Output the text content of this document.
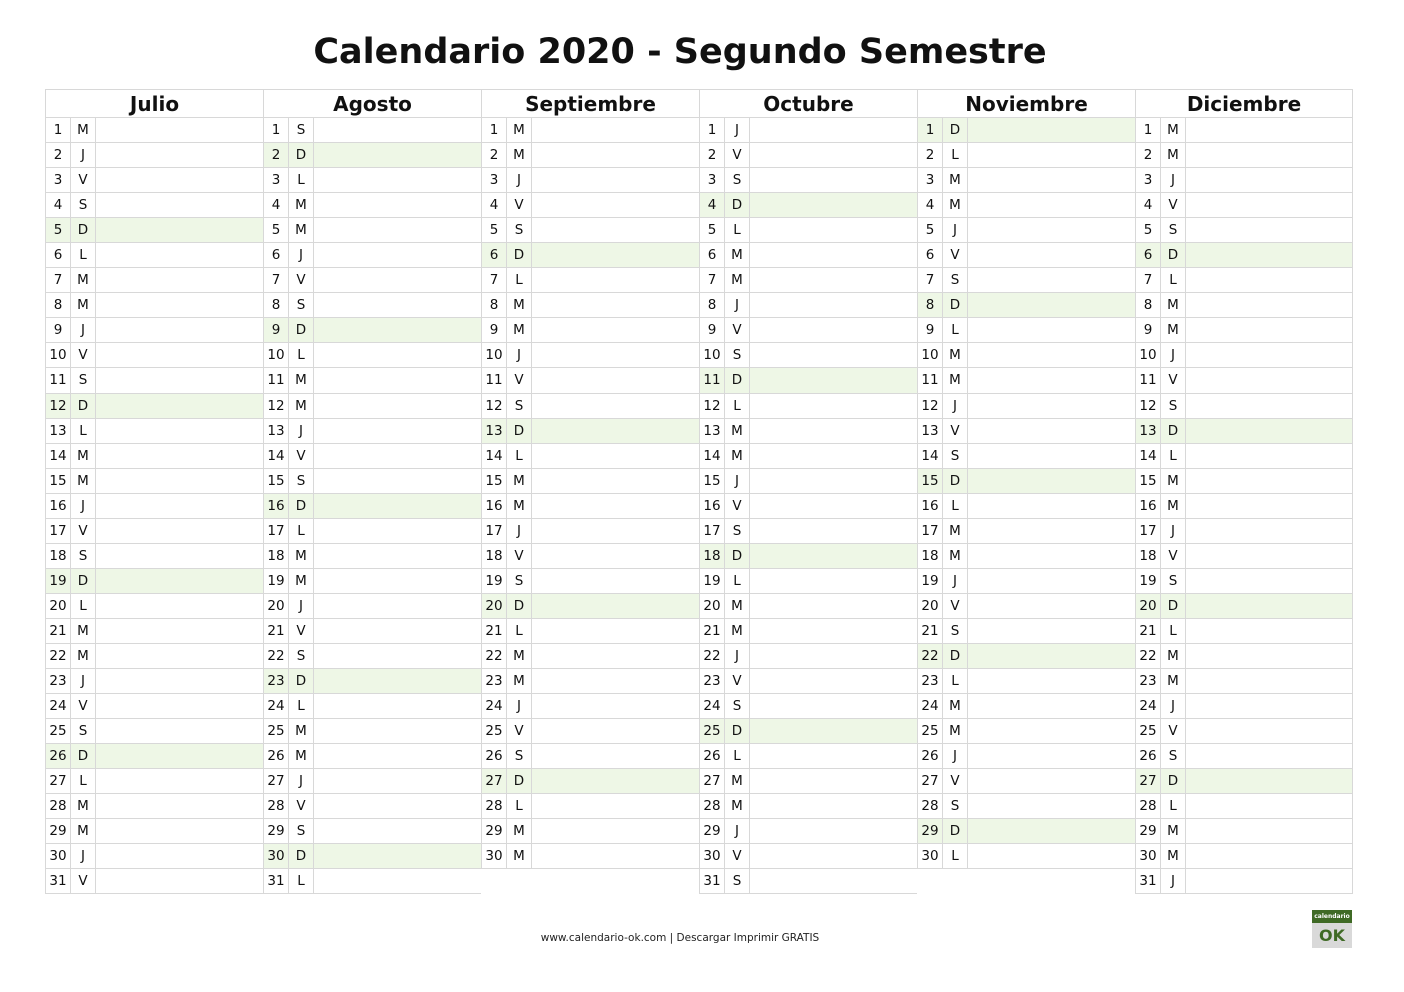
Calendario 2020 - Segundo Semestre
Julio
1	M
2	J
3	V
4	S
5	D
6	L
7	M
8	M
9	J
10 V
11 S
12 D
13 L
14 M
15 M
16	J
17 V
18 S
19 D
20 L
21 M
22 M
23	J
24 V
25 S
26 D
27 L
28 M
29 M
30	J
31 V
Agosto
1	S
2	D
3	L
4	M
5	M
6	J
7	V
8	S
9	D
10 L
11 M
12 M
13	J
14 V
15 S
16 D
17 L
18 M
19 M
20	J
21 V
22 S
23 D
24 L
25 M
26 M
27	J
28 V
29 S
30 D
31 L
Septiembre
1	M
2	M
3	J
4	V
5	S
6	D
7	L
8	M
9	M
10	J
11 V
12 S
13 D
14 L
15 M
16 M
17	J
18 V
19 S
20 D
21 L
22 M
23 M
24	J
25 V
26 S
27 D
28 L
29 M
30 M
Octubre
1	J
2	V
3	S
4	D
5	L
6	M
7	M
8	J
9	V
10 S
11 D
12 L
13 M
14 M
15	J
16 V
17 S
18 D
19 L
20 M
21 M
22	J
23 V
24 S
25 D
26 L
27 M
28 M
29	J
30 V
31 S
Noviembre
1	D
2	L
3	M
4	M
5	J
6	V
7	S
8	D
9	L
10 M
11 M
12	J
13 V
14 S
15 D
16 L
17 M
18 M
19	J
20 V
21 S
22 D
23 L
24 M
25 M
26	J
27 V
28 S
29 D
30 L
Diciembre
1	M
2	M
3	J
4	V
5	S
6	D
7	L
8	M
9	M
10	J
11 V
12 S
13 D
14 L
15 M
16 M
17	J
18 V
19 S
20 D
21 L
22 M
23 M
24	J
25 V
26 S
27 D
28 L
29 M
30 M
31	J
www.calendario-ok.com | Descargar Imprimir GRATIS
calendario
OK
